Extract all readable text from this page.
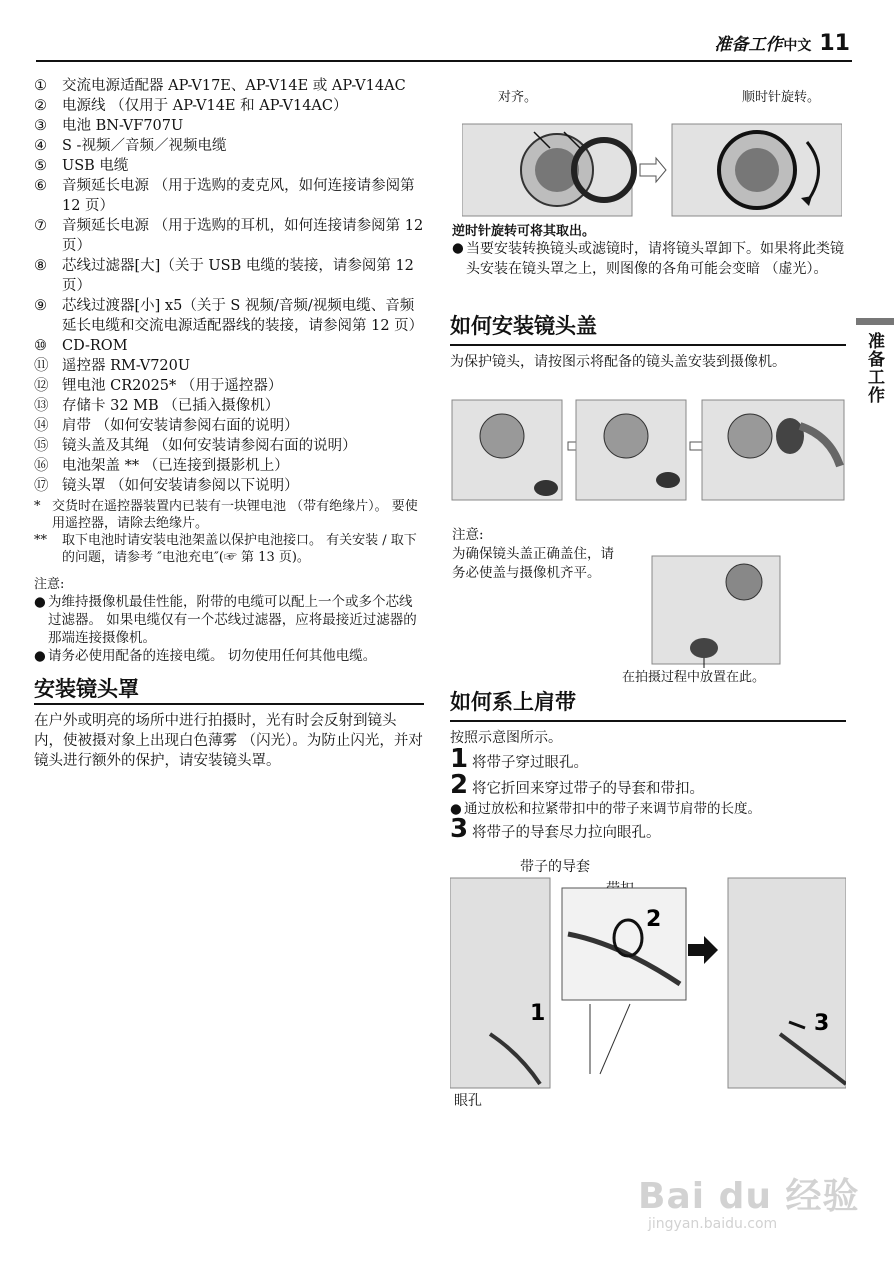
准备工作中文 11
准备工作
①	交流电源适配器 AP-V17E、AP-V14E 或 AP-V14AC
②	电源线 （仅用于 AP-V14E 和 AP-V14AC）
③	电池 BN-VF707U
④	S -视频／音频／视频电缆
⑤	USB 电缆
⑥	音频延长电源 （用于选购的麦克风，如何连接请参阅第 12 页）
⑦	音频延长电源 （用于选购的耳机，如何连接请参阅第 12 页）
⑧	芯线过滤器[大]（关于 USB 电缆的装接，请参阅第 12 页）
⑨	芯线过渡器[小] x5（关于 S 视频/音频/视频电缆、音频延长电缆和交流电源适配器线的装接，请参阅第 12 页）
⑩	CD-ROM
⑪ 遥控器 RM-V720U
⑫ 锂电池 CR2025* （用于遥控器）
⑬ 存储卡 32 MB （已插入摄像机）
⑭ 肩带 （如何安装请参阅右面的说明）
⑮ 镜头盖及其绳 （如何安装请参阅右面的说明）
⑯ 电池架盖 ** （已连接到摄影机上）
⑰ 镜头罩 （如何安装请参阅以下说明）
* 交货时在遥控器装置内已装有一块锂电池 （带有绝缘片）。 要使用遥控器，请除去绝缘片。
**	取下电池时请安装电池架盖以保护电池接口。 有关安装 / 取下的问题，请参考 ″电池充电″(☞ 第 13 页)。
注意:
● 为维持摄像机最佳性能，附带的电缆可以配上一个或多个芯线过滤器。 如果电缆仅有一个芯线过滤器，应将最接近过滤器的那端连接摄像机。
● 请务必使用配备的连接电缆。 切勿使用任何其他电缆。
安装镜头罩
在户外或明亮的场所中进行拍摄时，光有时会反射到镜头内，使被摄对象上出现白色薄雾 （闪光）。为防止闪光，并对镜头进行额外的保护，请安装镜头罩。
对齐。	顺时针旋转。
逆时针旋转可将其取出。
● 当要安装转换镜头或滤镜时，请将镜头罩卸下。如果将此类镜头安装在镜头罩之上，则图像的各角可能会变暗 （虚光）。
如何安装镜头盖
为保护镜头，请按图示将配备的镜头盖安装到摄像机。
注意:
为确保镜头盖正确盖住，请务必使盖与摄像机齐平。
在拍摄过程中放置在此。
如何系上肩带
按照示意图所示。
1 将带子穿过眼孔。
2 将它折回来穿过带子的导套和带扣。
● 通过放松和拉紧带扣中的带子来调节肩带的长度。
3 将带子的导套尽力拉向眼孔。
带子的导套
1
2
3
眼孔
Bai du 经验
jingyan.baidu.com
